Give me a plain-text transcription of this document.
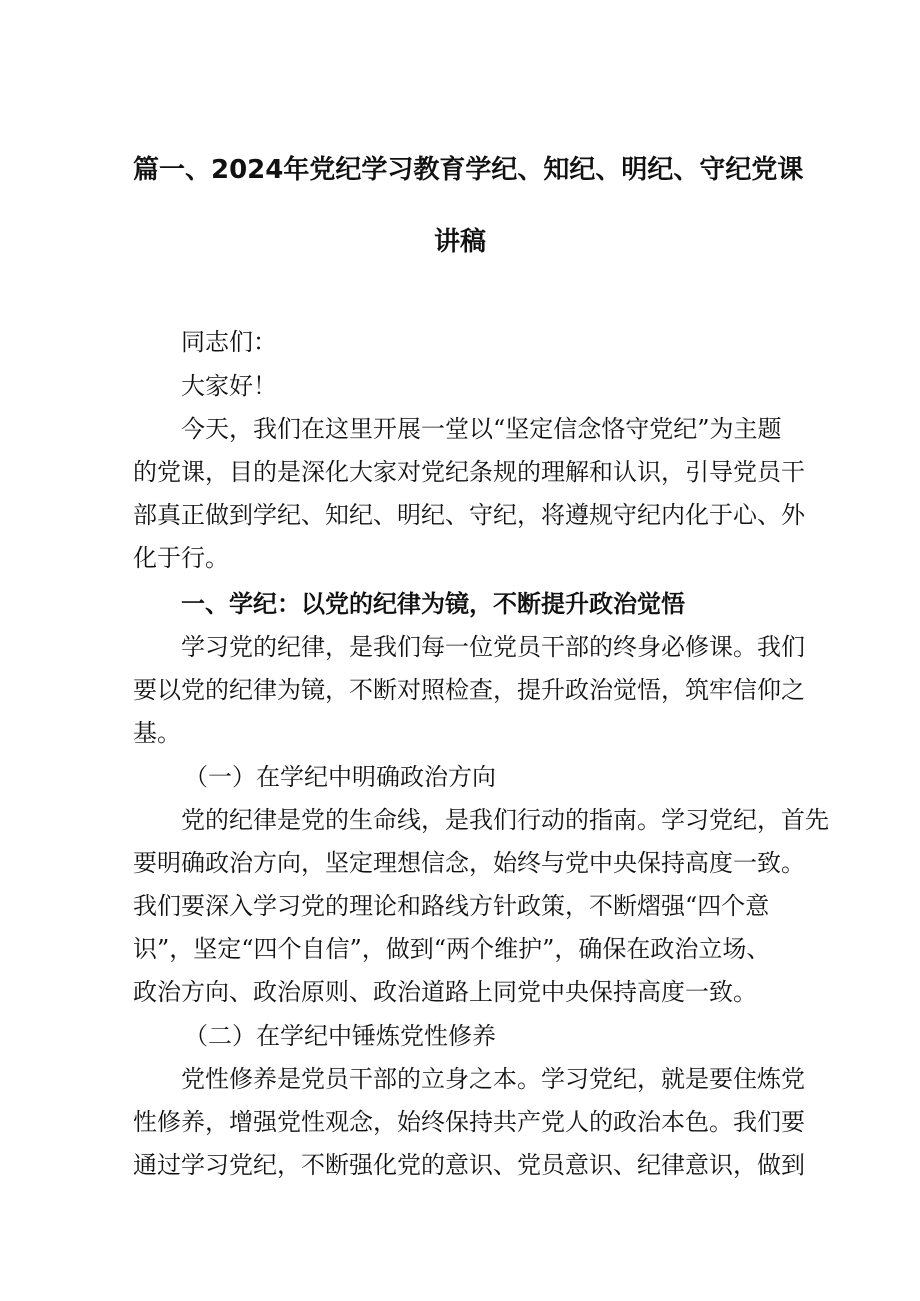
篇一、2024年党纪学习教育学纪、知纪、明纪、守纪党课
讲稿
同志们：
大家好！
今天，我们在这里开展一堂以“坚定信念恪守党纪”为主题
的党课，目的是深化大家对党纪条规的理解和认识，引导党员干
部真正做到学纪、知纪、明纪、守纪，将遵规守纪内化于心、外
化于行。
一、学纪：以党的纪律为镜，不断提升政治觉悟
学习党的纪律，是我们每一位党员干部的终身必修课。我们
要以党的纪律为镜，不断对照检查，提升政治觉悟，筑牢信仰之
基。
（一）在学纪中明确政治方向
党的纪律是党的生命线，是我们行动的指南。学习党纪，首先
要明确政治方向，坚定理想信念，始终与党中央保持高度一致。
我们要深入学习党的理论和路线方针政策，不断熠强“四个意
识”，坚定“四个自信”，做到“两个维护”，确保在政治立场、
政治方向、政治原则、政治道路上同党中央保持高度一致。
（二）在学纪中锤炼党性修养
党性修养是党员干部的立身之本。学习党纪，就是要住炼党
性修养，增强党性观念，始终保持共产党人的政治本色。我们要
通过学习党纪，不断强化党的意识、党员意识、纪律意识，做到
